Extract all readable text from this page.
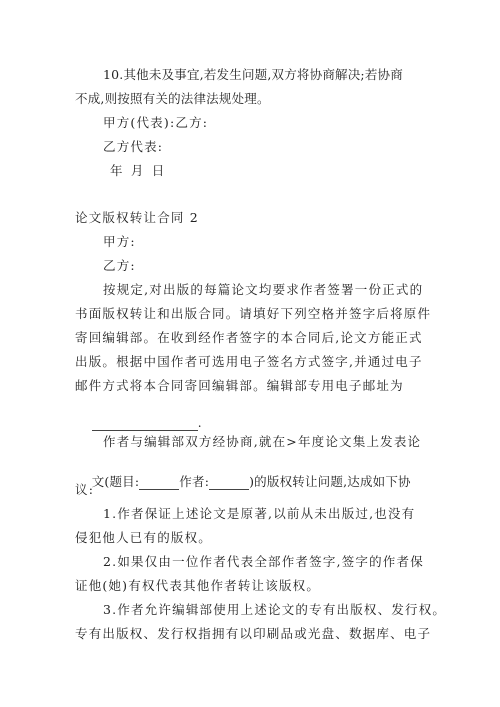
10.其他未及事宜,若发生问题,双方将协商解决;若协商
不成,则按照有关的法律法规处理。
甲方(代表):乙方:
乙方代表:
年 月 日
论文版权转让合同 2
甲方:
乙方:
按规定,对出版的每篇论文均要求作者签署一份正式的
书面版权转让和出版合同。请填好下列空格并签字后将原件
寄回编辑部。在收到经作者签字的本合同后,论文方能正式
出版。根据中国作者可选用电子签名方式签字,并通过电子
邮件方式将本合同寄回编辑部。编辑部专用电子邮址为

.

作者与编辑部双方经协商,就在>年度论文集上发表论

文(题目:	作者:	)的版权转让问题,达成如下协

议:
1.作者保证上述论文是原著,以前从未出版过,也没有
侵犯他人已有的版权。
2.如果仅由一位作者代表全部作者签字,签字的作者保
证他(她)有权代表其他作者转让该版权。
3.作者允许编辑部使用上述论文的专有出版权、发行权。
专有出版权、发行权指拥有以印刷品或光盘、数据库、电子
